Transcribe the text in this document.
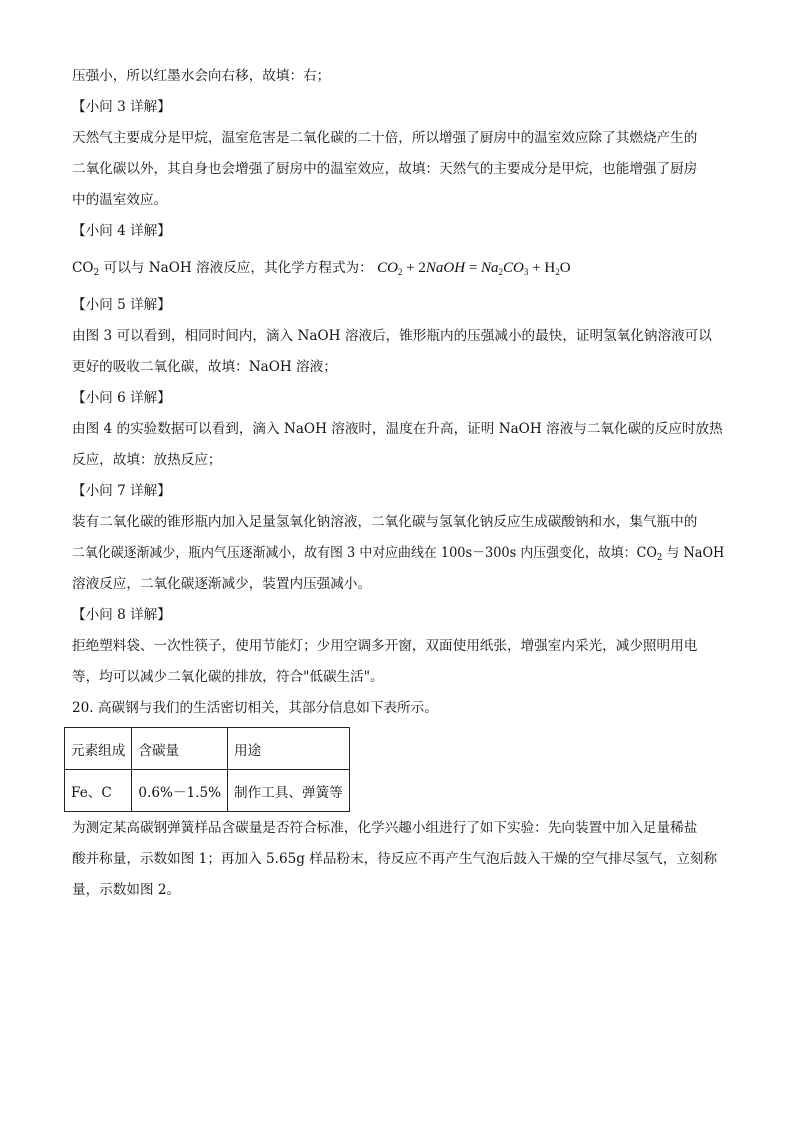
压强小，所以红墨水会向右移，故填：右；
【小问 3 详解】
天然气主要成分是甲烷，温室危害是二氧化碳的二十倍，所以增强了厨房中的温室效应除了其燃烧产生的
二氧化碳以外，其自身也会增强了厨房中的温室效应，故填：天然气的主要成分是甲烷，也能增强了厨房
中的温室效应。
【小问 4 详解】
$CO_2$ 可以与 NaOH 溶液反应，其化学方程式为： $CO_2$ + 2NaOH = $Na_2CO_3 + H_2O$
【小问 5 详解】
由图 3 可以看到，相同时间内，滴入 NaOH 溶液后，锥形瓶内的压强减小的最快，证明氢氧化钠溶液可以
更好的吸收二氧化碳，故填：NaOH 溶液；
【小问 6 详解】
由图 4 的实验数据可以看到，滴入 NaOH 溶液时，温度在升高，证明 NaOH 溶液与二氧化碳的反应时放热
反应，故填：放热反应；
【小问 7 详解】
装有二氧化碳的锥形瓶内加入足量氢氧化钠溶液，二氧化碳与氢氧化钠反应生成碳酸钠和水，集气瓶中的
二氧化碳逐渐减少，瓶内气压逐渐减小，故有图 3 中对应曲线在 100s－300s 内压强变化，故填：$CO_2$ 与 NaOH
溶液反应，二氧化碳逐渐减少，装置内压强减小。
【小问 8 详解】
拒绝塑料袋、一次性筷子，使用节能灯；少用空调多开窗，双面使用纸张，增强室内采光，减少照明用电
等，均可以减少二氧化碳的排放，符合"低碳生活"。
20. 高碳钢与我们的生活密切相关，其部分信息如下表所示。
元素组成	含碳量	用途
Fe、C	0.6%－1.5%	制作工具、弹簧等
为测定某高碳钢弹簧样品含碳量是否符合标准，化学兴趣小组进行了如下实验：先向装置中加入足量稀盐
酸并称量，示数如图 1；再加入 5.65g 样品粉末，待反应不再产生气泡后鼓入干燥的空气排尽氢气，立刻称
量，示数如图 2。
